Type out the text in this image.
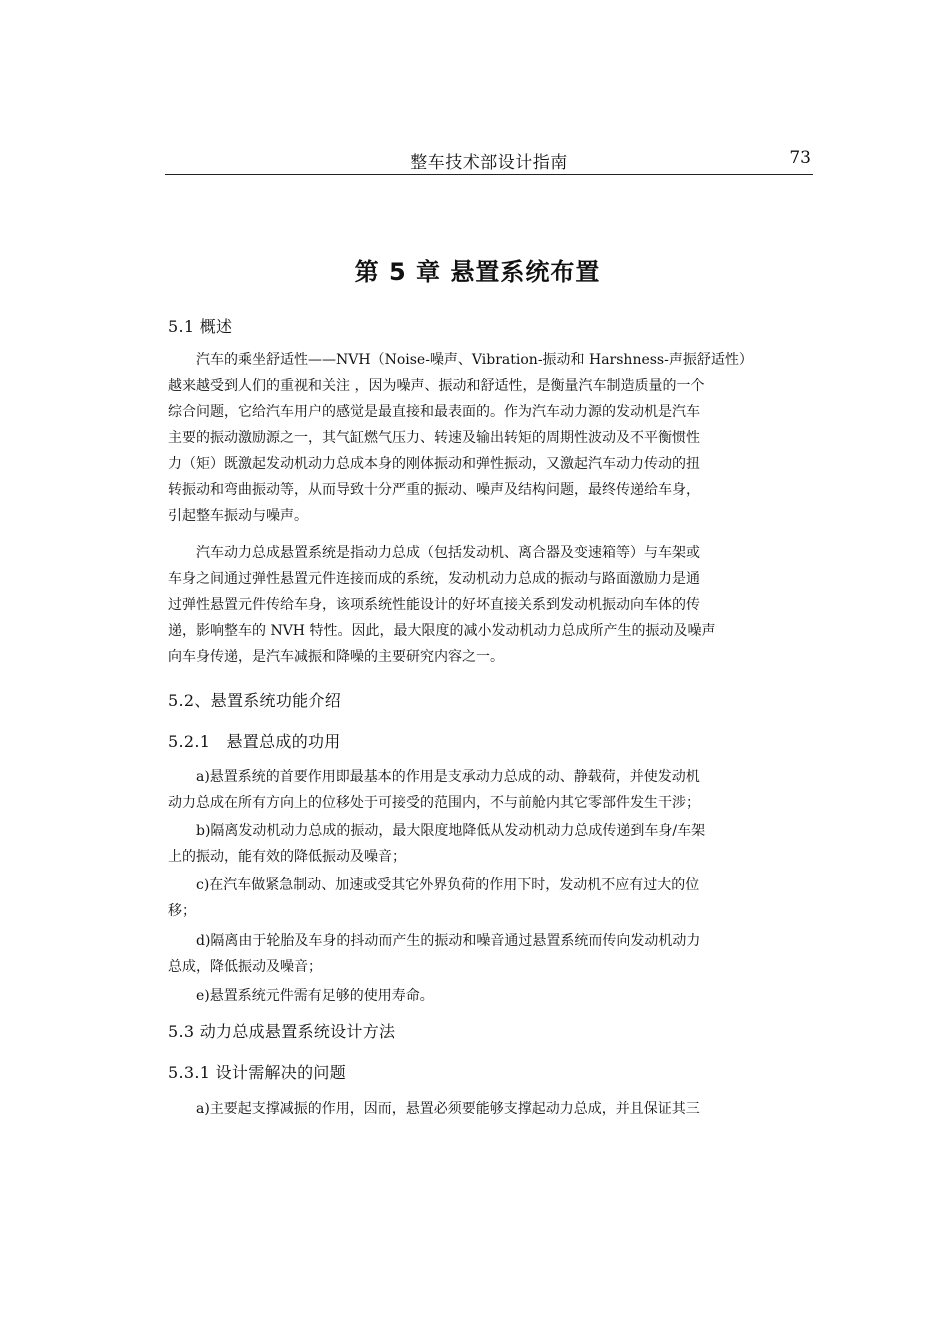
整车技术部设计指南	73
第 5 章 悬置系统布置
5.1 概述

　　汽车的乘坐舒适性——NVH（Noise-噪声、Vibration-振动和 Harshness-声振舒适性）
越来越受到人们的重视和关注 ，因为噪声、振动和舒适性，是衡量汽车制造质量的一个
综合问题，它给汽车用户的感觉是最直接和最表面的。作为汽车动力源的发动机是汽车
主要的振动激励源之一，其气缸燃气压力、转速及输出转矩的周期性波动及不平衡惯性
力（矩）既激起发动机动力总成本身的刚体振动和弹性振动，又激起汽车动力传动的扭
转振动和弯曲振动等，从而导致十分严重的振动、噪声及结构问题，最终传递给车身，
引起整车振动与噪声。

　　汽车动力总成悬置系统是指动力总成（包括发动机、离合器及变速箱等）与车架或
车身之间通过弹性悬置元件连接而成的系统，发动机动力总成的振动与路面激励力是通
过弹性悬置元件传给车身，该项系统性能设计的好坏直接关系到发动机振动向车体的传
递，影响整车的 NVH 特性。因此，最大限度的减小发动机动力总成所产生的振动及噪声
向车身传递，是汽车减振和降噪的主要研究内容之一。

5.2、悬置系统功能介绍
5.2.1　悬置总成的功用

　　a)悬置系统的首要作用即最基本的作用是支承动力总成的动、静载荷，并使发动机
动力总成在所有方向上的位移处于可接受的范围内，不与前舱内其它零部件发生干涉；

　　b)隔离发动机动力总成的振动，最大限度地降低从发动机动力总成传递到车身/车架
上的振动，能有效的降低振动及噪音；

　　c)在汽车做紧急制动、加速或受其它外界负荷的作用下时，发动机不应有过大的位
移；

　　d)隔离由于轮胎及车身的抖动而产生的振动和噪音通过悬置系统而传向发动机动力
总成，降低振动及噪音；

　　e)悬置系统元件需有足够的使用寿命。

5.3 动力总成悬置系统设计方法
5.3.1 设计需解决的问题

　　a)主要起支撑减振的作用，因而，悬置必须要能够支撑起动力总成，并且保证其三
